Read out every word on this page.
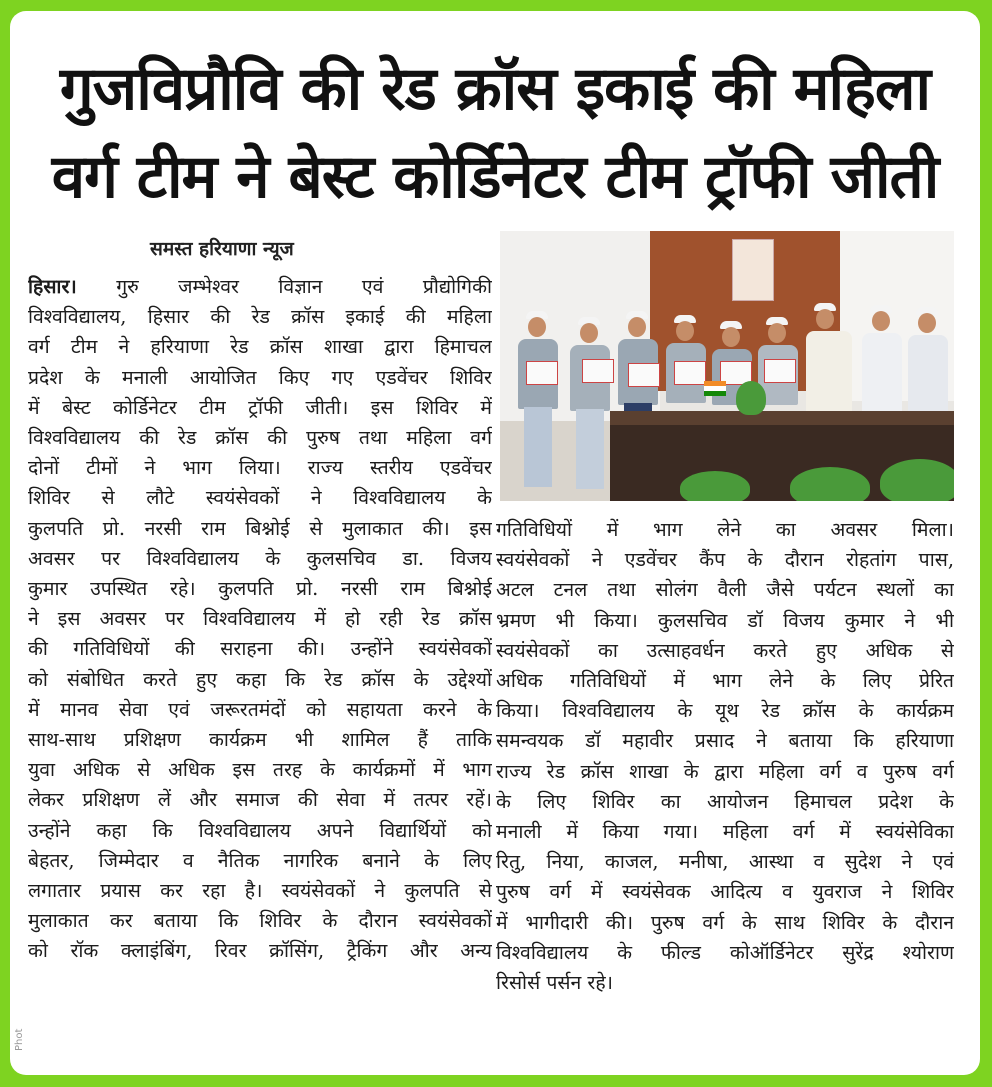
गुजविप्रौवि की रेड क्रॉस इकाई की महिला
वर्ग टीम ने बेस्ट कोर्डिनेटर टीम ट्रॉफी जीती
समस्त हरियाणा न्यूज
हिसार। गुरु जम्भेश्वर विज्ञान एवं प्रौद्योगिकी
विश्वविद्यालय, हिसार की रेड क्रॉस इकाई की महिला
वर्ग टीम ने हरियाणा रेड क्रॉस शाखा द्वारा हिमाचल
प्रदेश के मनाली आयोजित किए गए एडवेंचर शिविर
में बेस्ट कोर्डिनेटर टीम ट्रॉफी जीती। इस शिविर में
विश्वविद्यालय की रेड क्रॉस की पुरुष तथा महिला वर्ग
दोनों टीमों ने भाग लिया। राज्य स्तरीय एडवेंचर
शिविर से लौटे स्वयंसेवकों ने विश्वविद्यालय के
कुलपति प्रो. नरसी राम बिश्नोई से मुलाकात की। इस
अवसर पर विश्वविद्यालय के कुलसचिव डा. विजय
कुमार उपस्थित रहे। कुलपति प्रो. नरसी राम बिश्नोई
ने इस अवसर पर विश्वविद्यालय में हो रही रेड क्रॉस
की गतिविधियों की सराहना की। उन्होंने स्वयंसेवकों
को संबोधित करते हुए कहा कि रेड क्रॉस के उद्देश्यों
में मानव सेवा एवं जरूरतमंदों को सहायता करने के
साथ-साथ प्रशिक्षण कार्यक्रम भी शामिल हैं ताकि
युवा अधिक से अधिक इस तरह के कार्यक्रमों में भाग
लेकर प्रशिक्षण लें और समाज की सेवा में तत्पर रहें।
उन्होंने कहा कि विश्वविद्यालय अपने विद्यार्थियों को
बेहतर, जिम्मेदार व नैतिक नागरिक बनाने के लिए
लगातार प्रयास कर रहा है। स्वयंसेवकों ने कुलपति से
मुलाकात कर बताया कि शिविर के दौरान स्वयंसेवकों
को रॉक क्लाइंबिंग, रिवर क्रॉसिंग, ट्रैकिंग और अन्य
गतिविधियों में भाग लेने का अवसर मिला।
स्वयंसेवकों ने एडवेंचर कैंप के दौरान रोहतांग पास,
अटल टनल तथा सोलंग वैली जैसे पर्यटन स्थलों का
भ्रमण भी किया। कुलसचिव डॉ विजय कुमार ने भी
स्वयंसेवकों का उत्साहवर्धन करते हुए अधिक से
अधिक गतिविधियों में भाग लेने के लिए प्रेरित
किया। विश्वविद्यालय के यूथ रेड क्रॉस के कार्यक्रम
समन्वयक डॉ महावीर प्रसाद ने बताया कि हरियाणा
राज्य रेड क्रॉस शाखा के द्वारा महिला वर्ग व पुरुष वर्ग
के लिए शिविर का आयोजन हिमाचल प्रदेश के
मनाली में किया गया। महिला वर्ग में स्वयंसेविका
रितु, निया, काजल, मनीषा, आस्था व सुदेश ने एवं
पुरुष वर्ग में स्वयंसेवक आदित्य व युवराज ने शिविर
में भागीदारी की। पुरुष वर्ग के साथ शिविर के दौरान
विश्वविद्यालय के फील्ड कोऑर्डिनेटर सुरेंद्र श्योराण
रिसोर्स पर्सन रहे।
Phot
